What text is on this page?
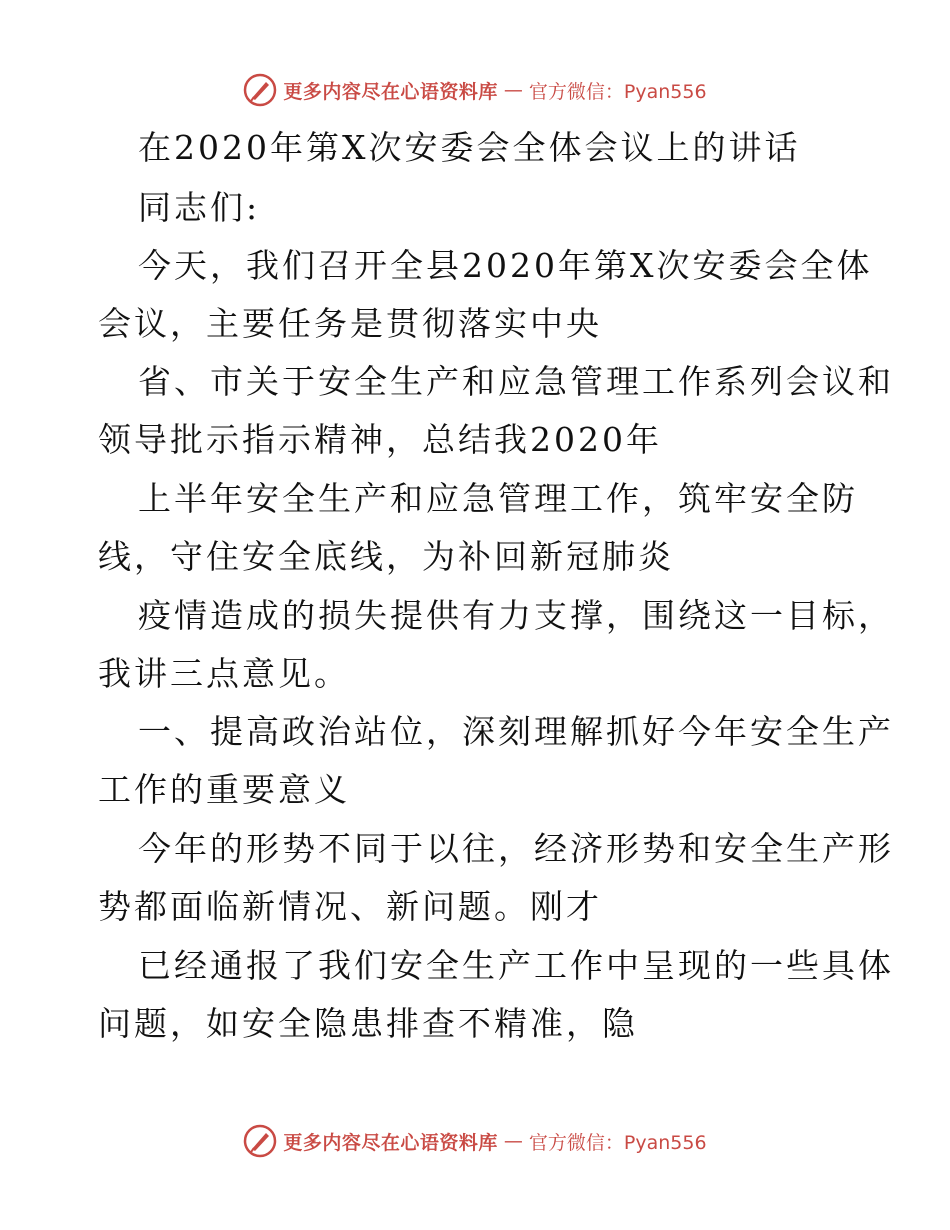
更多内容尽在心语资料库 — 官方微信：Pyan556
在2020年第X次安委会全体会议上的讲话
同志们:
今天，我们召开全县2020年第X次安委会全体
会议，主要任务是贯彻落实中央
省、市关于安全生产和应急管理工作系列会议和
领导批示指示精神，总结我2020年
上半年安全生产和应急管理工作，筑牢安全防
线，守住安全底线，为补回新冠肺炎
疫情造成的损失提供有力支撑，围绕这一目标，
我讲三点意见。
一、提高政治站位，深刻理解抓好今年安全生产
工作的重要意义
今年的形势不同于以往，经济形势和安全生产形
势都面临新情况、新问题。刚才
已经通报了我们安全生产工作中呈现的一些具体
问题，如安全隐患排查不精准，隐
更多内容尽在心语资料库 — 官方微信：Pyan556
